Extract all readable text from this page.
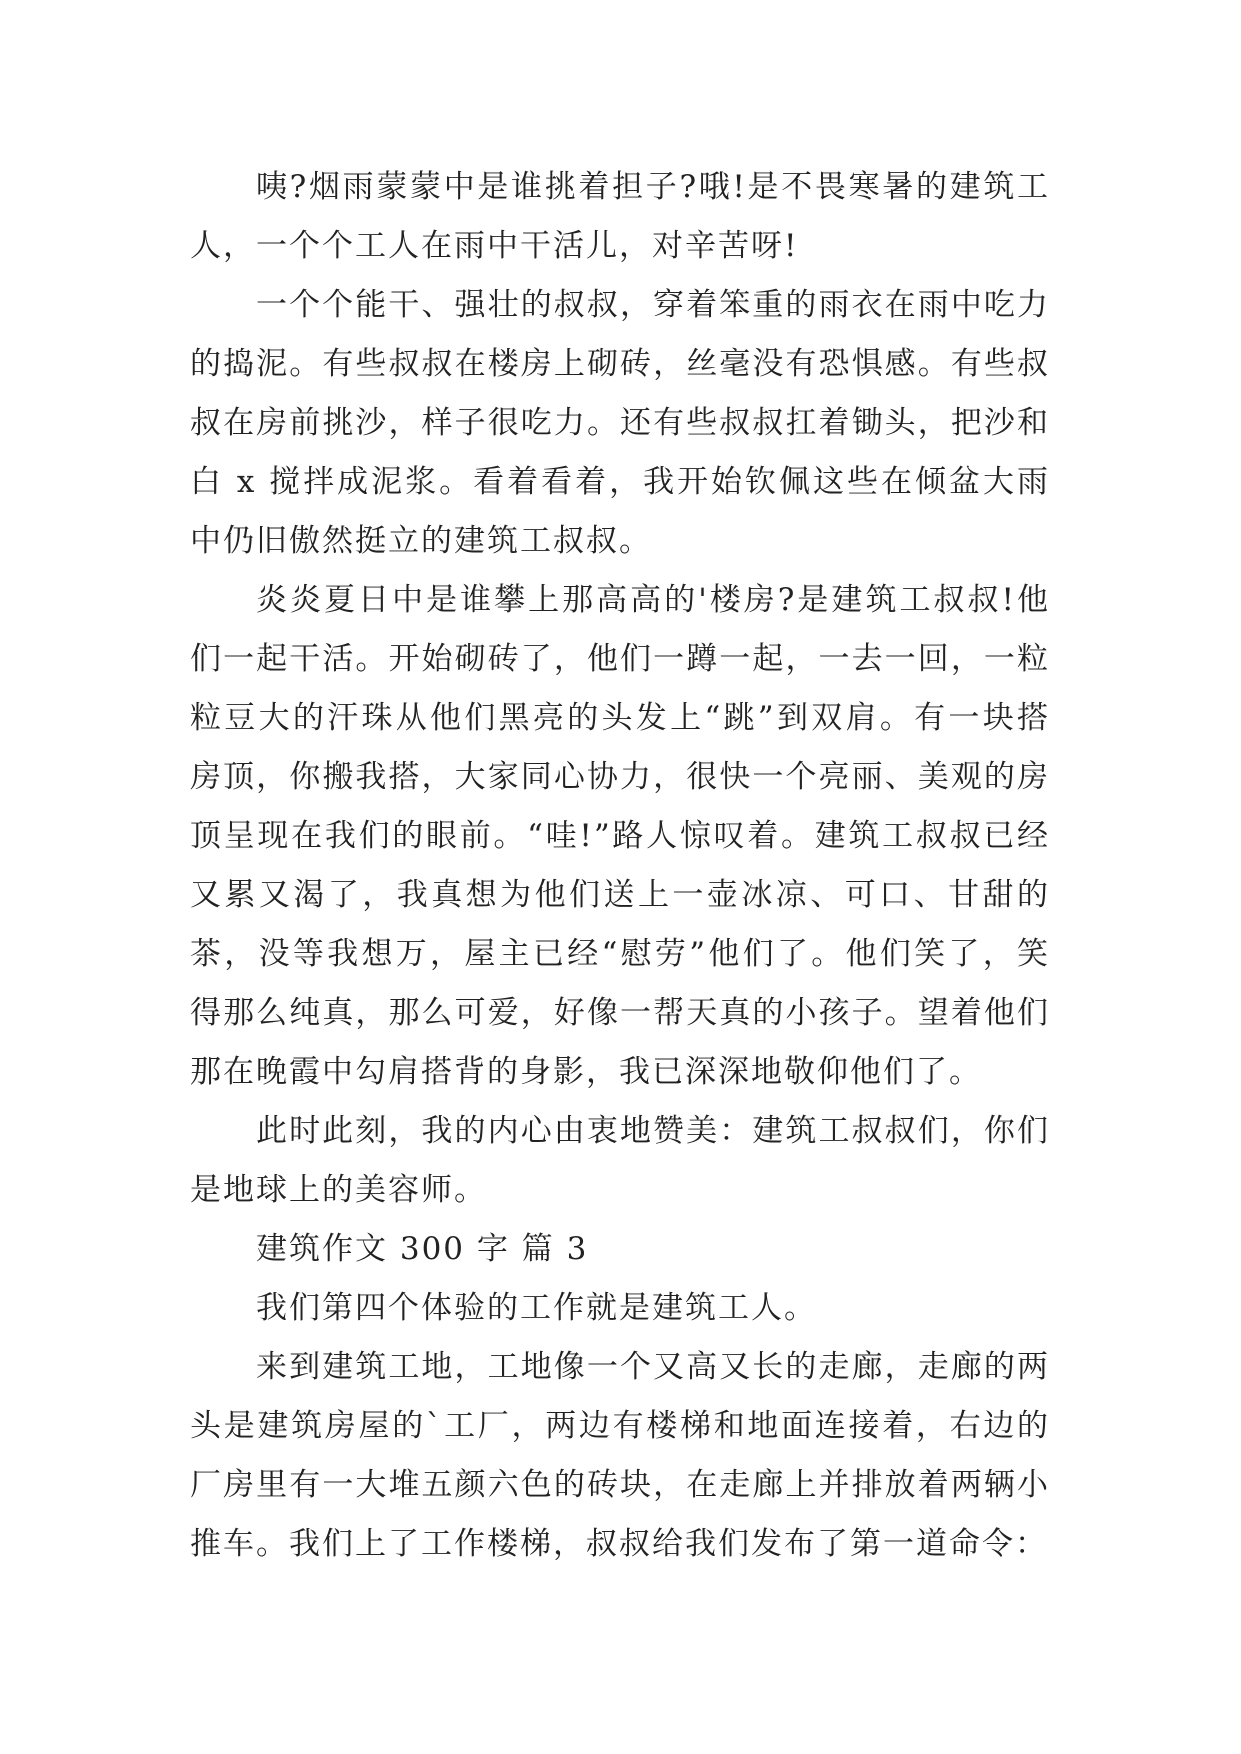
咦?烟雨蒙蒙中是谁挑着担子?哦!是不畏寒暑的建筑工人，一个个工人在雨中干活儿，对辛苦呀!

一个个能干、强壮的叔叔，穿着笨重的雨衣在雨中吃力的捣泥。有些叔叔在楼房上砌砖，丝毫没有恐惧感。有些叔叔在房前挑沙，样子很吃力。还有些叔叔扛着锄头，把沙和白 x 搅拌成泥浆。看着看着，我开始钦佩这些在倾盆大雨中仍旧傲然挺立的建筑工叔叔。

炎炎夏日中是谁攀上那高高的'楼房?是建筑工叔叔!他们一起干活。开始砌砖了，他们一蹲一起，一去一回，一粒粒豆大的汗珠从他们黑亮的头发上“跳”到双肩。有一块搭房顶，你搬我搭，大家同心协力，很快一个亮丽、美观的房顶呈现在我们的眼前。“哇!”路人惊叹着。建筑工叔叔已经又累又渴了，我真想为他们送上一壶冰凉、可口、甘甜的茶，没等我想万，屋主已经“慰劳”他们了。他们笑了，笑得那么纯真，那么可爱，好像一帮天真的小孩子。望着他们那在晚霞中勾肩搭背的身影，我已深深地敬仰他们了。

此时此刻，我的内心由衷地赞美：建筑工叔叔们，你们是地球上的美容师。

建筑作文 300 字 篇 3

我们第四个体验的工作就是建筑工人。

来到建筑工地，工地像一个又高又长的走廊，走廊的两头是建筑房屋的`工厂，两边有楼梯和地面连接着，右边的厂房里有一大堆五颜六色的砖块，在走廊上并排放着两辆小推车。我们上了工作楼梯，叔叔给我们发布了第一道命令：
